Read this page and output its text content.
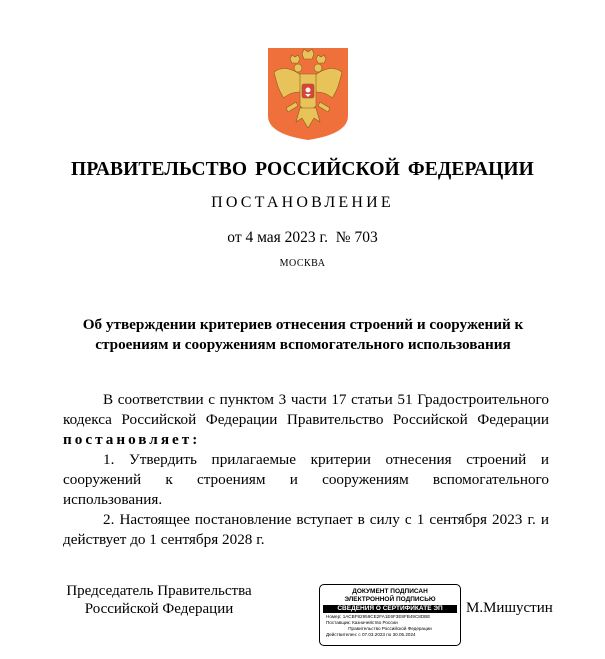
ПРАВИТЕЛЬСТВО РОССИЙСКОЙ ФЕДЕРАЦИИ
ПОСТАНОВЛЕНИЕ
от 4 мая 2023 г. № 703
МОСКВА
Об утверждении критериев отнесения строений и сооружений к строениям и сооружениям вспомогательного использования

В соответствии с пунктом 3 части 17 статьи 51 Градостроительного кодекса Российской Федерации Правительство Российской Федерации постановляет:

1. Утвердить прилагаемые критерии отнесения строений и сооружений к строениям и сооружениям вспомогательного использования.

2. Настоящее постановление вступает в силу с 1 сентября 2023 г. и действует до 1 сентября 2028 г.

Председатель Правительства
Российской Федерации
ДОКУМЕНТ ПОДПИСАН
ЭЛЕКТРОННОЙ ПОДПИСЬЮ
СВЕДЕНИЯ О СЕРТИФИКАТЕ ЭП
Номер: 1ACBF82959CE2FA1E6F3E8FB49C8DBE
Поставщик: Казначейство России
Правительство Российской Федерации
Действителен: с 07.03.2023 по 30.05.2024
М.Мишустин
